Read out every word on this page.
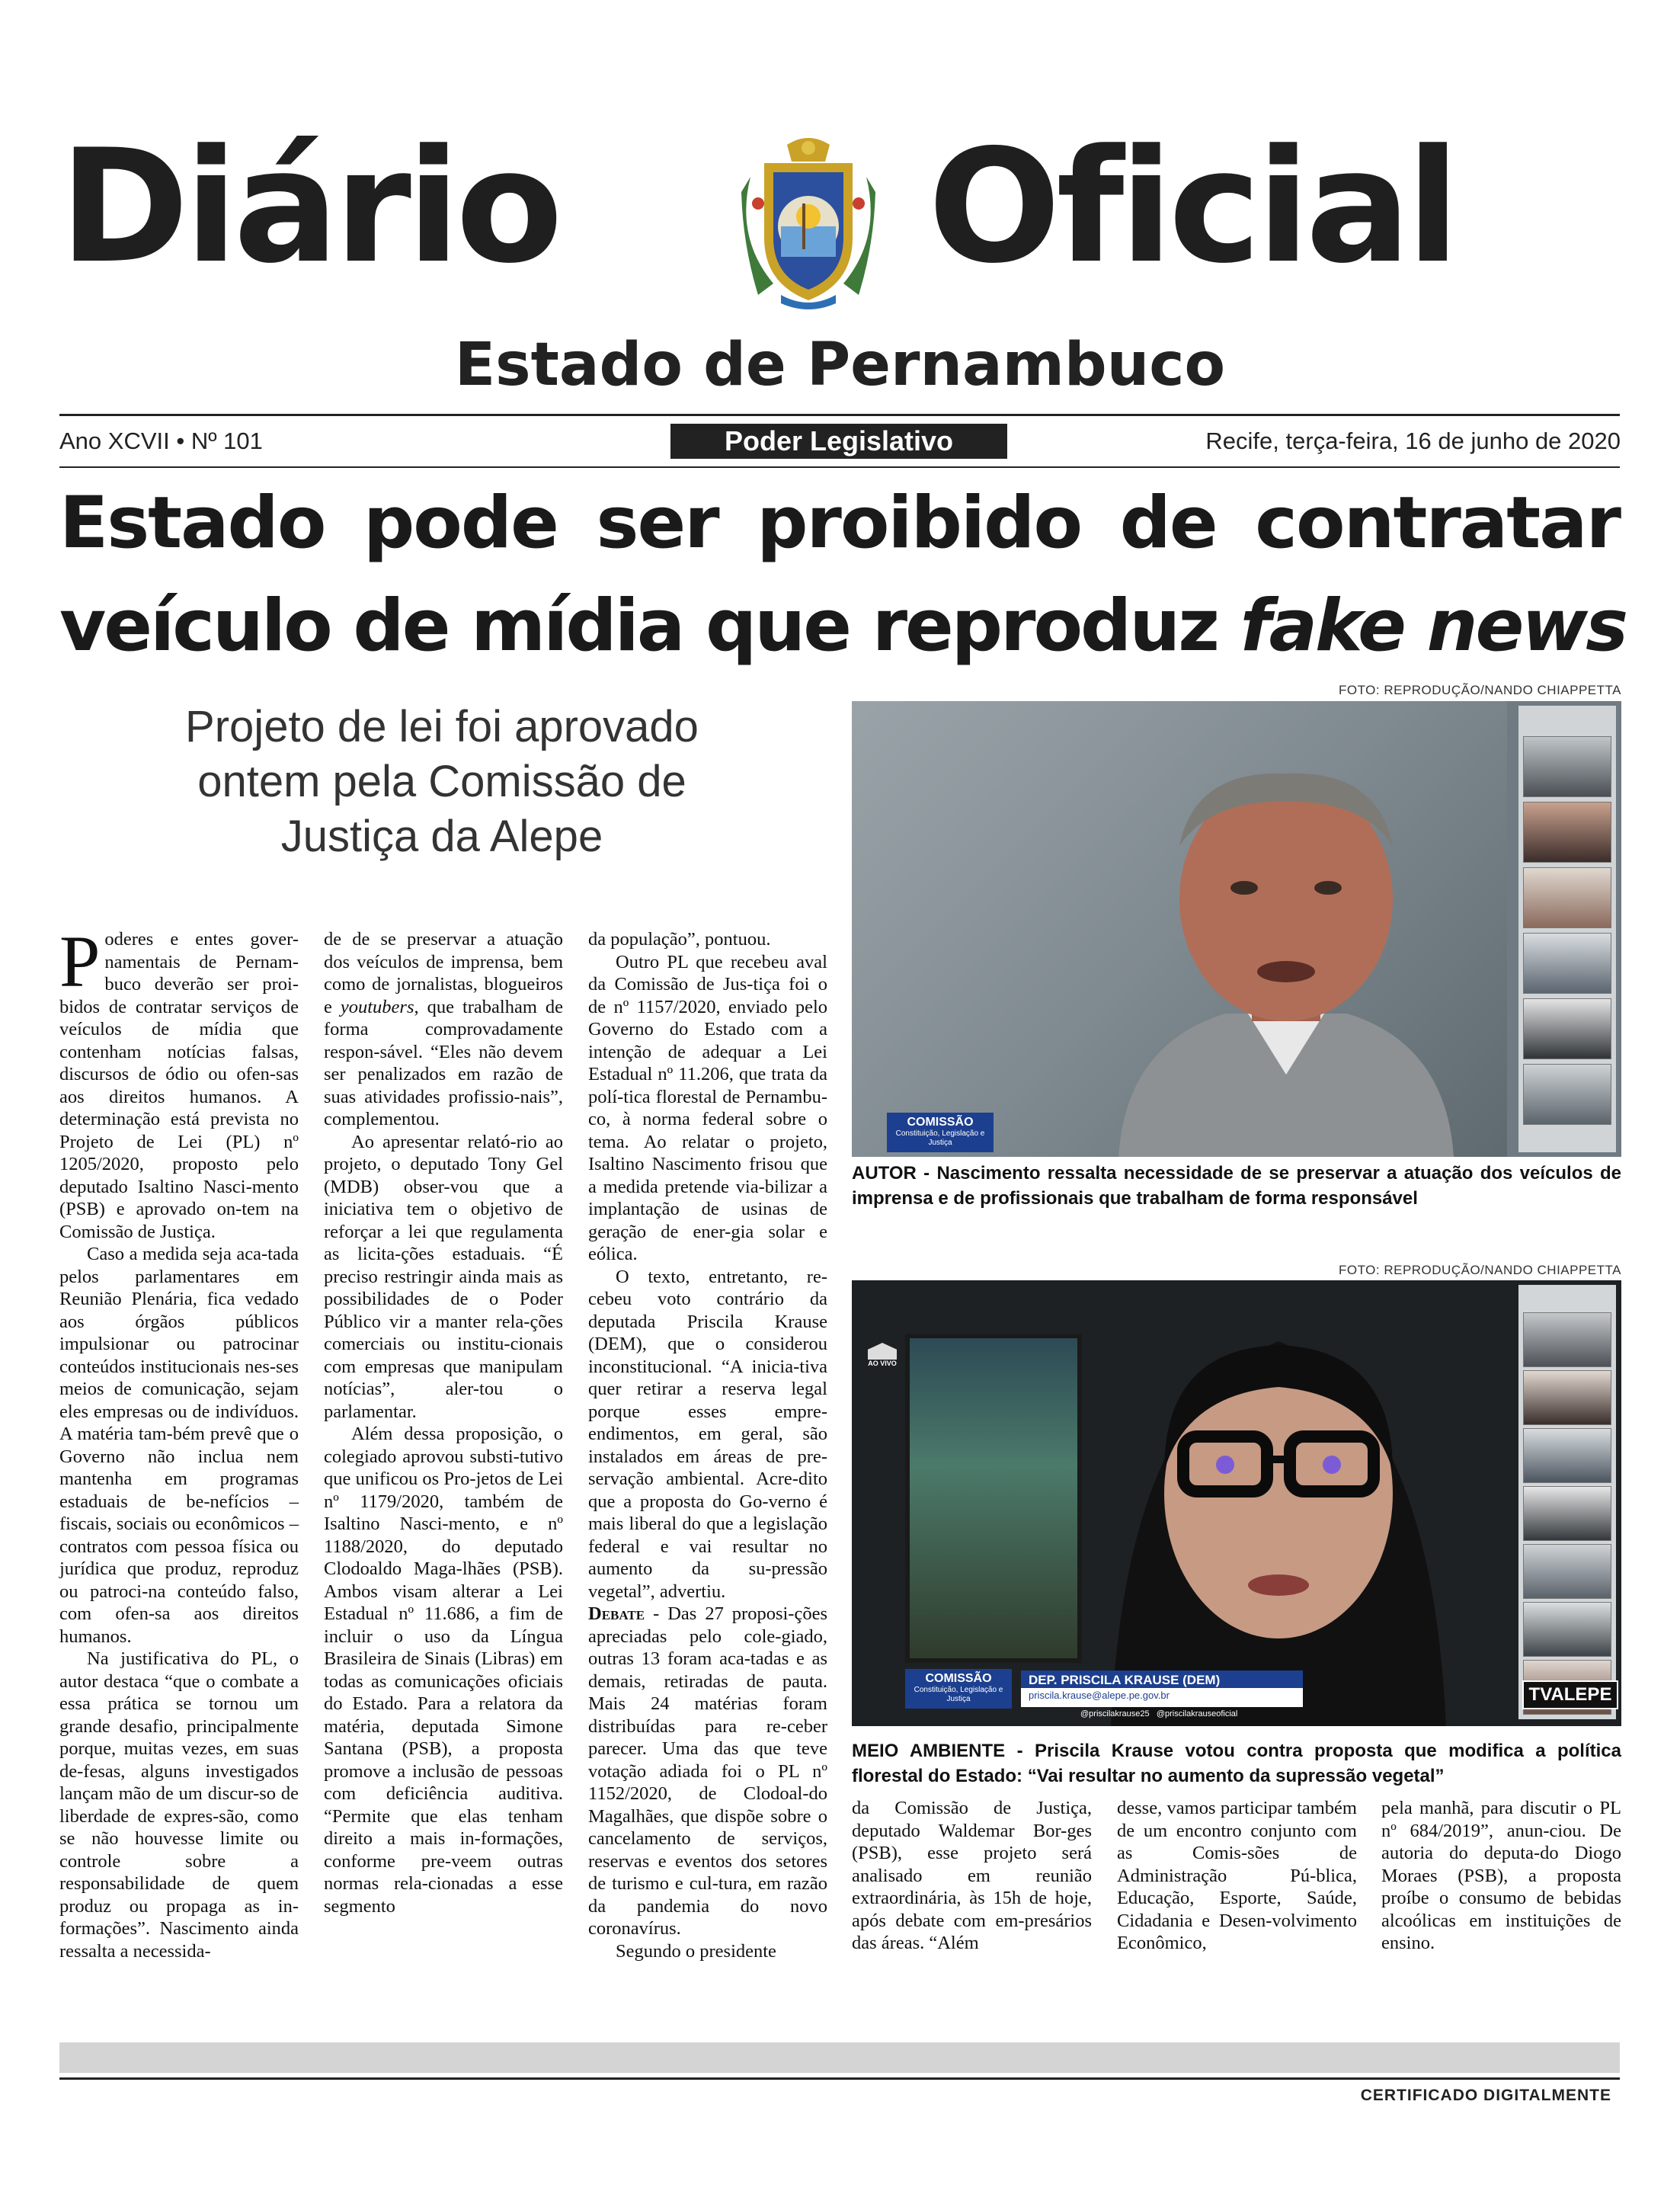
Diário Oficial
Estado de Pernambuco
Ano XCVII • Nº 101	Poder Legislativo	Recife, terça-feira, 16 de junho de 2020
Estado pode ser proibido de contratar
veículo de mídia que reproduz fake news
Projeto de lei foi aprovado ontem pela Comissão de Justiça da Alepe
FOTO: REPRODUÇÃO/NANDO CHIAPPETTA
COMISSÃO
Constituição, Legislação e Justiça
AUTOR - Nascimento ressalta necessidade de se preservar a atuação dos veículos de imprensa e de profissionais que trabalham de forma responsável
FOTO: REPRODUÇÃO/NANDO CHIAPPETTA
AO VIVO
COMISSÃO
Constituição, Legislação e Justiça
DEP. PRISCILA KRAUSE (DEM)
priscila.krause@alepe.pe.gov.br
@priscilakrause25   @priscilakrauseoficial
TVALEPE
MEIO AMBIENTE - Priscila Krause votou contra proposta que modifica a política florestal do Estado: “Vai resultar no aumento da supressão vegetal”

Poderes e entes gover-namentais de Pernam-buco deverão ser proi-bidos de contratar serviços de veículos de mídia que contenham notícias falsas, discursos de ódio ou ofen-sas aos direitos humanos. A determinação está prevista no Projeto de Lei (PL) nº 1205/2020, proposto pelo deputado Isaltino Nasci-mento (PSB) e aprovado on-tem na Comissão de Justiça.

Caso a medida seja aca-tada pelos parlamentares em Reunião Plenária, fica vedado aos órgãos públicos impulsionar ou patrocinar conteúdos institucionais nes-ses meios de comunicação, sejam eles empresas ou de indivíduos. A matéria tam-bém prevê que o Governo não inclua nem mantenha em programas estaduais de be-nefícios – fiscais, sociais ou econômicos – contratos com pessoa física ou jurídica que produz, reproduz ou patroci-na conteúdo falso, com ofen-sa aos direitos humanos.

Na justificativa do PL, o autor destaca “que o combate a essa prática se tornou um grande desafio, principalmente porque, muitas vezes, em suas de-fesas, alguns investigados lançam mão de um discur-so de liberdade de expres-são, como se não houvesse limite ou controle sobre a responsabilidade de quem produz ou propaga as in-formações”. Nascimento ainda ressalta a necessida-

de de se preservar a atuação dos veículos de imprensa, bem como de jornalistas, blogueiros e youtubers, que trabalham de forma comprovadamente respon-sável. “Eles não devem ser penalizados em razão de suas atividades profissio-nais”, complementou.

Ao apresentar relató-rio ao projeto, o deputado Tony Gel (MDB) obser-vou que a iniciativa tem o objetivo de reforçar a lei que regulamenta as licita-ções estaduais. “É preciso restringir ainda mais as possibilidades de o Poder Público vir a manter rela-ções comerciais ou institu-cionais com empresas que manipulam notícias”, aler-tou o parlamentar.

Além dessa proposição, o colegiado aprovou substi-tutivo que unificou os Pro-jetos de Lei nº 1179/2020, também de Isaltino Nasci-mento, e nº 1188/2020, do deputado Clodoaldo Maga-lhães (PSB). Ambos visam alterar a Lei Estadual nº 11.686, a fim de incluir o uso da Língua Brasileira de Sinais (Libras) em todas as comunicações oficiais do Estado. Para a relatora da matéria, deputada Simone Santana (PSB), a proposta promove a inclusão de pessoas com deficiência auditiva. “Permite que elas tenham direito a mais in-formações, conforme pre-veem outras normas rela-cionadas a esse segmento

da população”, pontuou.

Outro PL que recebeu aval da Comissão de Jus-tiça foi o de nº 1157/2020, enviado pelo Governo do Estado com a intenção de adequar a Lei Estadual nº 11.206, que trata da polí-tica florestal de Pernambu-co, à norma federal sobre o tema. Ao relatar o projeto, Isaltino Nascimento frisou que a medida pretende via-bilizar a implantação de usinas de geração de ener-gia solar e eólica.

O texto, entretanto, re-cebeu voto contrário da deputada Priscila Krause (DEM), que o considerou inconstitucional. “A inicia-tiva quer retirar a reserva legal porque esses empre-endimentos, em geral, são instalados em áreas de pre-servação ambiental. Acre-dito que a proposta do Go-verno é mais liberal do que a legislação federal e vai resultar no aumento da su-pressão vegetal”, advertiu.

Debate - Das 27 proposi-ções apreciadas pelo cole-giado, outras 13 foram aca-tadas e as demais, retiradas de pauta. Mais 24 matérias foram distribuídas para re-ceber parecer. Uma das que teve votação adiada foi o PL nº 1152/2020, de Clodoal-do Magalhães, que dispõe sobre o cancelamento de serviços, reservas e eventos dos setores de turismo e cul-tura, em razão da pandemia do novo coronavírus.

Segundo o presidente

da Comissão de Justiça, deputado Waldemar Bor-ges (PSB), esse projeto será analisado em reunião extraordinária, às 15h de hoje, após debate com em-presários das áreas. “Além

desse, vamos participar também de um encontro conjunto com as Comis-sões de Administração Pú-blica, Educação, Esporte, Saúde, Cidadania e Desen-volvimento Econômico,

pela manhã, para discutir o PL nº 684/2019”, anun-ciou. De autoria do deputa-do Diogo Moraes (PSB), a proposta proíbe o consumo de bebidas alcoólicas em instituições de ensino.

CERTIFICADO DIGITALMENTE
